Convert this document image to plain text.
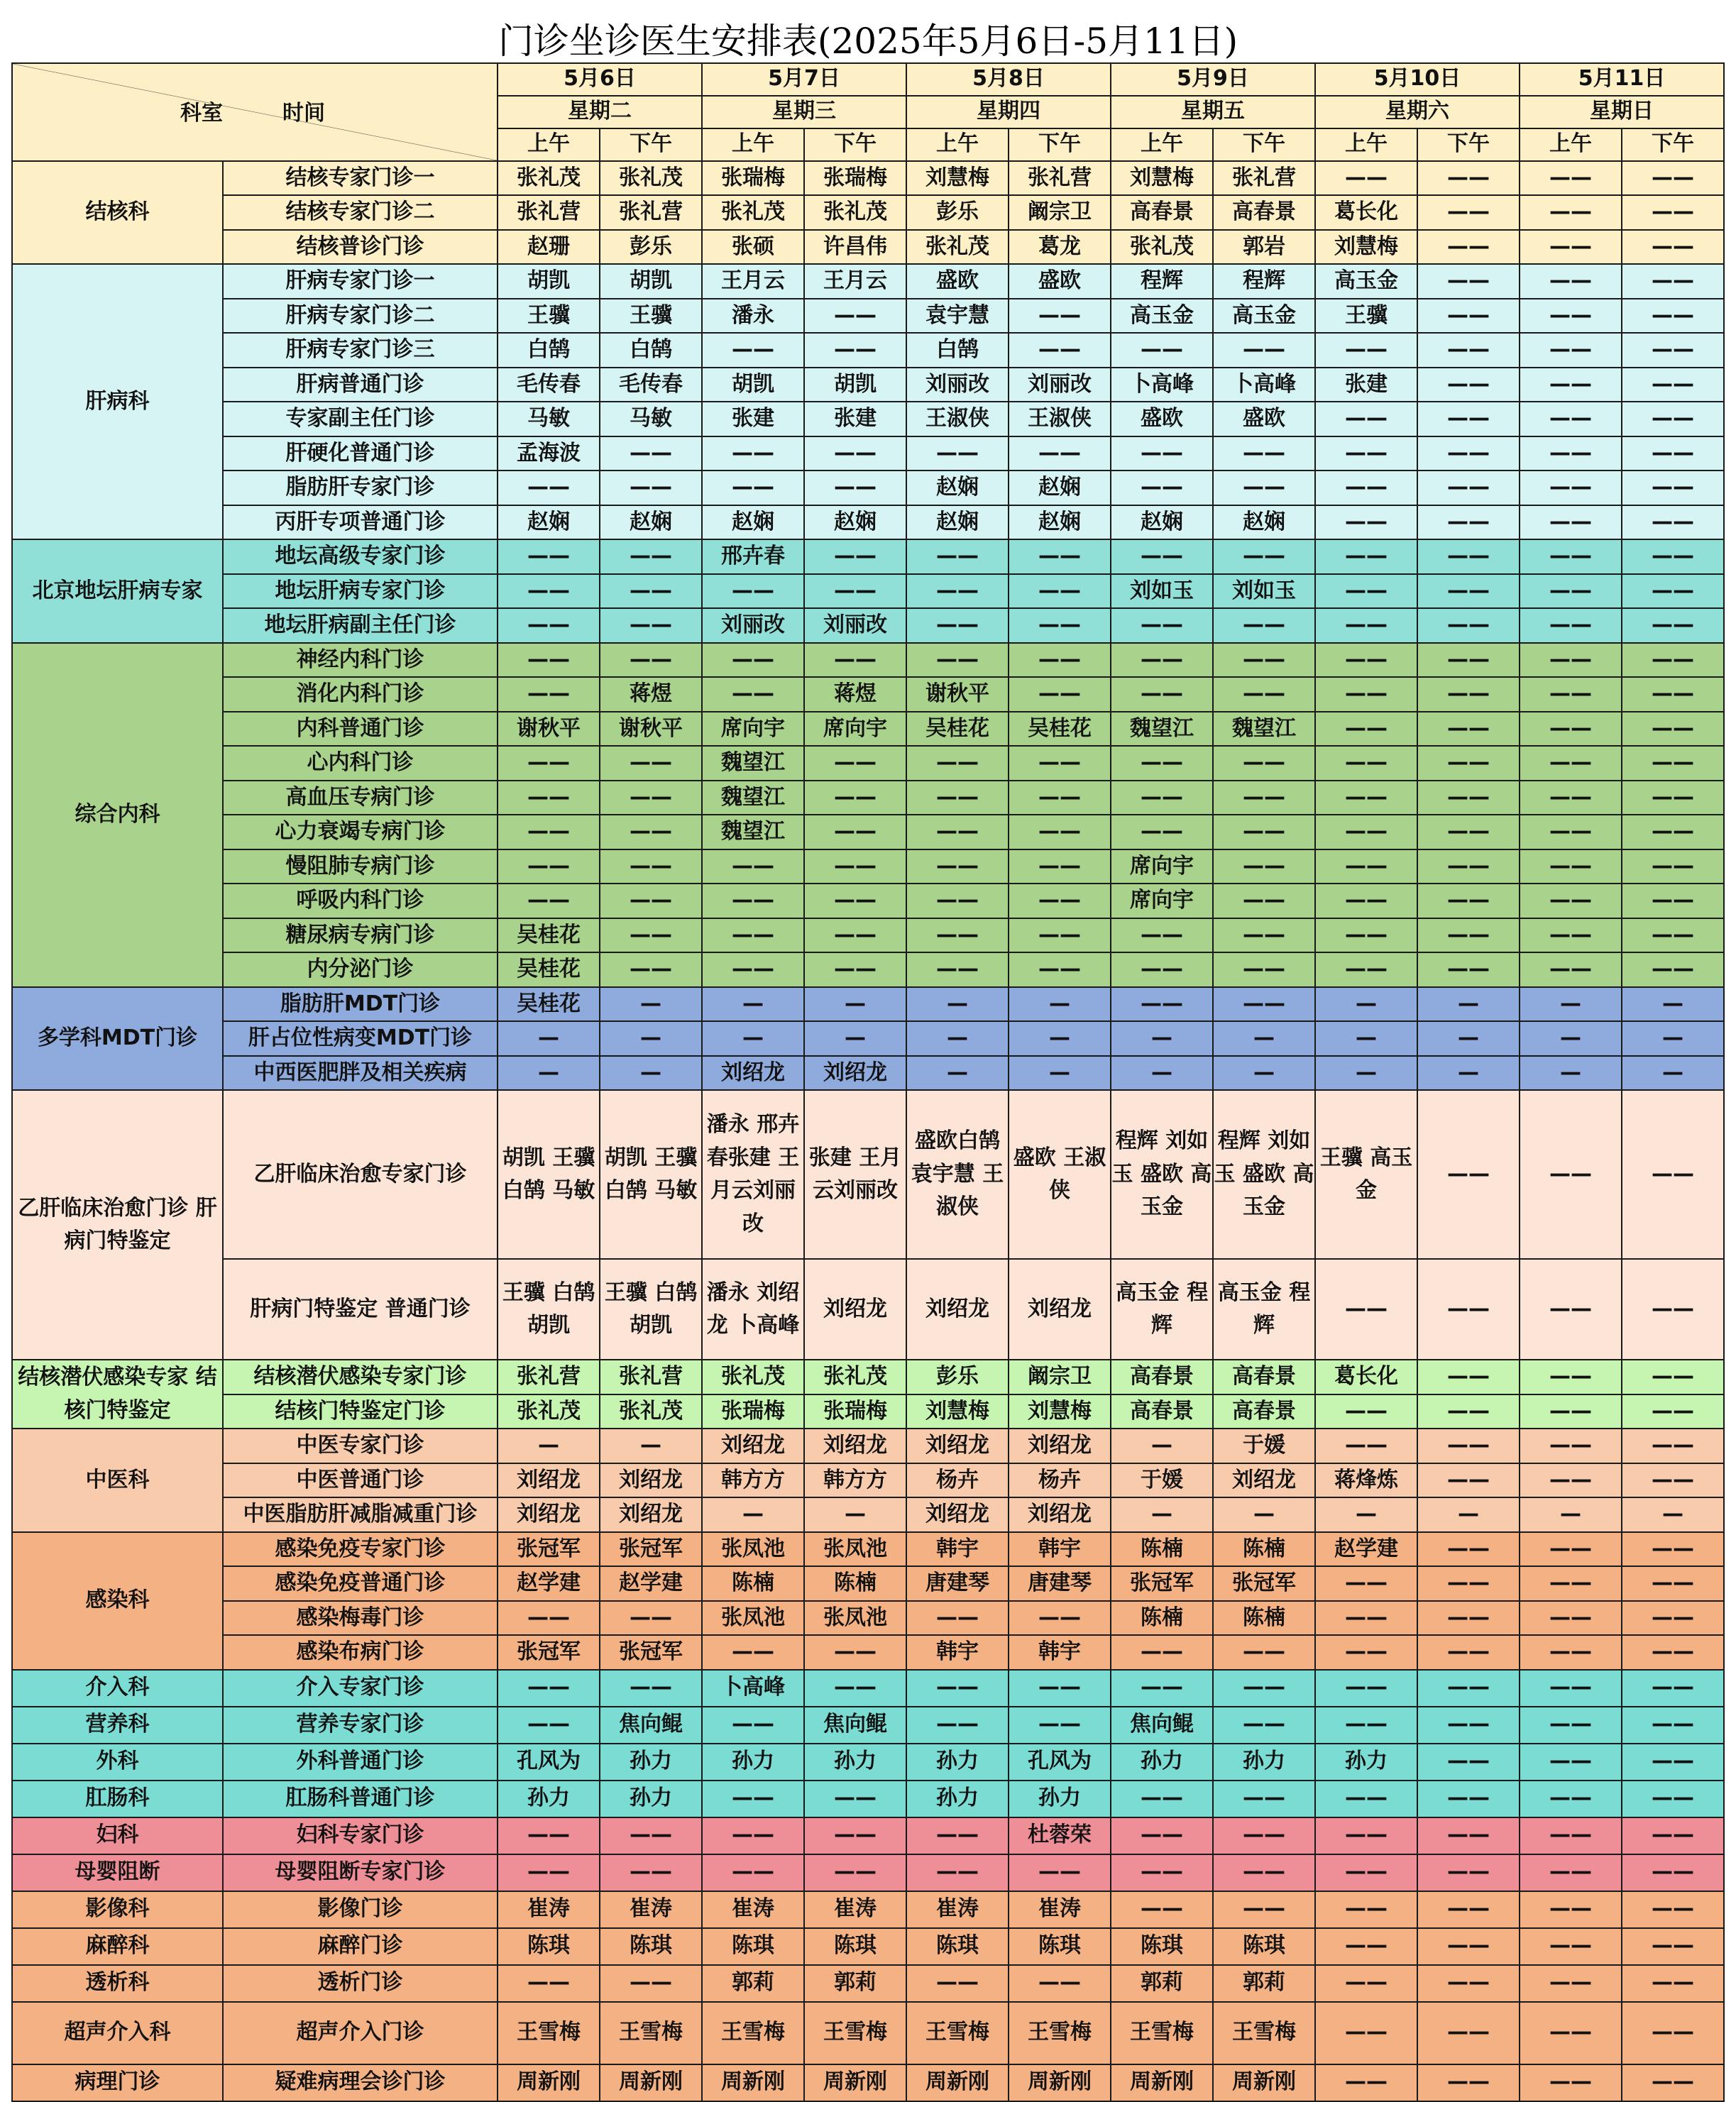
门诊坐诊医生安排表(2025年5月6日-5月11日)													

科室 时间		5月6日		5月7日		5月8日		5月9日		5月10日		5月11日	
		星期二		星期三		星期四		星期五		星期六		星期日	
		上午	下午	上午	下午	上午	下午	上午	下午	上午	下午	上午	下午
结核科	结核专家门诊一	张礼茂	张礼茂	张瑞梅	张瑞梅	刘慧梅	张礼营	刘慧梅	张礼营	——	——	——	——
	结核专家门诊二	张礼营	张礼营	张礼茂	张礼茂	彭乐	阚宗卫	高春景	高春景	葛长化	——	——	——
	结核普诊门诊	赵珊	彭乐	张硕	许昌伟	张礼茂	葛龙	张礼茂	郭岩	刘慧梅	——	——	——
肝病科	肝病专家门诊一	胡凯	胡凯	王月云	王月云	盛欧	盛欧	程辉	程辉	高玉金	——	——	——
	肝病专家门诊二	王骥	王骥	潘永	——	袁宇慧	——	高玉金	高玉金	王骥	——	——	——
	肝病专家门诊三	白鹄	白鹄	——	——	白鹄	——	——	——	——	——	——	——
	肝病普通门诊	毛传春	毛传春	胡凯	胡凯	刘丽改	刘丽改	卜高峰	卜高峰	张建	——	——	——
	专家副主任门诊	马敏	马敏	张建	张建	王淑侠	王淑侠	盛欧	盛欧	——	——	——	——
	肝硬化普通门诊	孟海波	——	——	——	——	——	——	——	——	——	——	——
	脂肪肝专家门诊	——	——	——	——	赵娴	赵娴	——	——	——	——	——	——
	丙肝专项普通门诊	赵娴	赵娴	赵娴	赵娴	赵娴	赵娴	赵娴	赵娴	——	——	——	——
北京地坛肝病专家	地坛高级专家门诊	——	——	邢卉春	——	——	——	——	——	——	——	——	——
	地坛肝病专家门诊	——	——	——	——	——	——	刘如玉	刘如玉	——	——	——	——
	地坛肝病副主任门诊	——	——	刘丽改	刘丽改	——	——	——	——	——	——	——	——
综合内科	神经内科门诊	——	——	——	——	——	——	——	——	——	——	——	——
	消化内科门诊	——	蒋煜	——	蒋煜	谢秋平	——	——	——	——	——	——	——
	内科普通门诊	谢秋平	谢秋平	席向宇	席向宇	吴桂花	吴桂花	魏望江	魏望江	——	——	——	——
	心内科门诊	——	——	魏望江	——	——	——	——	——	——	——	——	——
	高血压专病门诊	——	——	魏望江	——	——	——	——	——	——	——	——	——
	心力衰竭专病门诊	——	——	魏望江	——	——	——	——	——	——	——	——	——
	慢阻肺专病门诊	——	——	——	——	——	——	席向宇	——	——	——	——	——
	呼吸内科门诊	——	——	——	——	——	——	席向宇	——	——	——	——	——
	糖尿病专病门诊	吴桂花	——	——	——	——	——	——	——	——	——	——	——
	内分泌门诊	吴桂花	——	——	——	——	——	——	——	——	——	——	——
多学科MDT门诊	脂肪肝MDT门诊	吴桂花	—	—	—	—	—	——	——	—	—	—	—
	肝占位性病变MDT门诊	—	—	—	—	—	—	—	—	—	—	—	—
	中西医肥胖及相关疾病	—	—	刘绍龙	刘绍龙	—	—	—	—	—	—	—	—
乙肝临床治愈门诊 肝病门特鉴定	乙肝临床治愈专家门诊	胡凯 王骥 白鹄 马敏	胡凯 王骥 白鹄 马敏	潘永 邢卉春张建 王月云刘丽改	张建 王月云刘丽改	盛欧白鹄 袁宇慧 王淑侠	盛欧 王淑侠	程辉 刘如玉 盛欧 高玉金	程辉 刘如玉 盛欧 高玉金	王骥 高玉金	——	——	——
	肝病门特鉴定 普通门诊	王骥 白鹄 胡凯	王骥 白鹄 胡凯	潘永 刘绍龙 卜高峰	刘绍龙	刘绍龙	刘绍龙	高玉金 程辉	高玉金 程辉	——	——	——	——
结核潜伏感染专家 结核门特鉴定	结核潜伏感染专家门诊	张礼营	张礼营	张礼茂	张礼茂	彭乐	阚宗卫	高春景	高春景	葛长化	——	——	——
	结核门特鉴定门诊	张礼茂	张礼茂	张瑞梅	张瑞梅	刘慧梅	刘慧梅	高春景	高春景	——	——	——	——
中医科	中医专家门诊	—	—	刘绍龙	刘绍龙	刘绍龙	刘绍龙	—	于媛	——	——	——	——
	中医普通门诊	刘绍龙	刘绍龙	韩方方	韩方方	杨卉	杨卉	于媛	刘绍龙	蒋烽炼	——	——	——
	中医脂肪肝减脂减重门诊	刘绍龙	刘绍龙	—	—	刘绍龙	刘绍龙	—	—	—	—	—	—
感染科	感染免疫专家门诊	张冠军	张冠军	张凤池	张凤池	韩宇	韩宇	陈楠	陈楠	赵学建	——	——	——
	感染免疫普通门诊	赵学建	赵学建	陈楠	陈楠	唐建琴	唐建琴	张冠军	张冠军	——	——	——	——
	感染梅毒门诊	——	——	张凤池	张凤池	——	——	陈楠	陈楠	——	——	——	——
	感染布病门诊	张冠军	张冠军	——	——	韩宇	韩宇	——	——	——	——	——	——
介入科	介入专家门诊	——	——	卜高峰	——	——	——	——	——	——	——	——	——
营养科	营养专家门诊	——	焦向鲲	——	焦向鲲	——	——	焦向鲲	——	——	——	——	——
外科	外科普通门诊	孔风为	孙力	孙力	孙力	孙力	孔风为	孙力	孙力	孙力	——	——	——
肛肠科	肛肠科普通门诊	孙力	孙力	——	——	孙力	孙力	——	——	——	——	——	——
妇科	妇科专家门诊	——	——	——	——	——	杜蓉荣	——	——	——	——	——	——
母婴阻断	母婴阻断专家门诊	——	——	——	——	——	——	——	——	——	——	——	——
影像科	影像门诊	崔涛	崔涛	崔涛	崔涛	崔涛	崔涛	——	——	——	——	——	——
麻醉科	麻醉门诊	陈琪	陈琪	陈琪	陈琪	陈琪	陈琪	陈琪	陈琪	——	——	——	——
透析科	透析门诊	——	——	郭莉	郭莉	——	——	郭莉	郭莉	——	——	——	——
超声介入科	超声介入门诊	王雪梅	王雪梅	王雪梅	王雪梅	王雪梅	王雪梅	王雪梅	王雪梅	——	——	——	——
病理门诊	疑难病理会诊门诊	周新刚	周新刚	周新刚	周新刚	周新刚	周新刚	周新刚	周新刚	——	——	——	——
